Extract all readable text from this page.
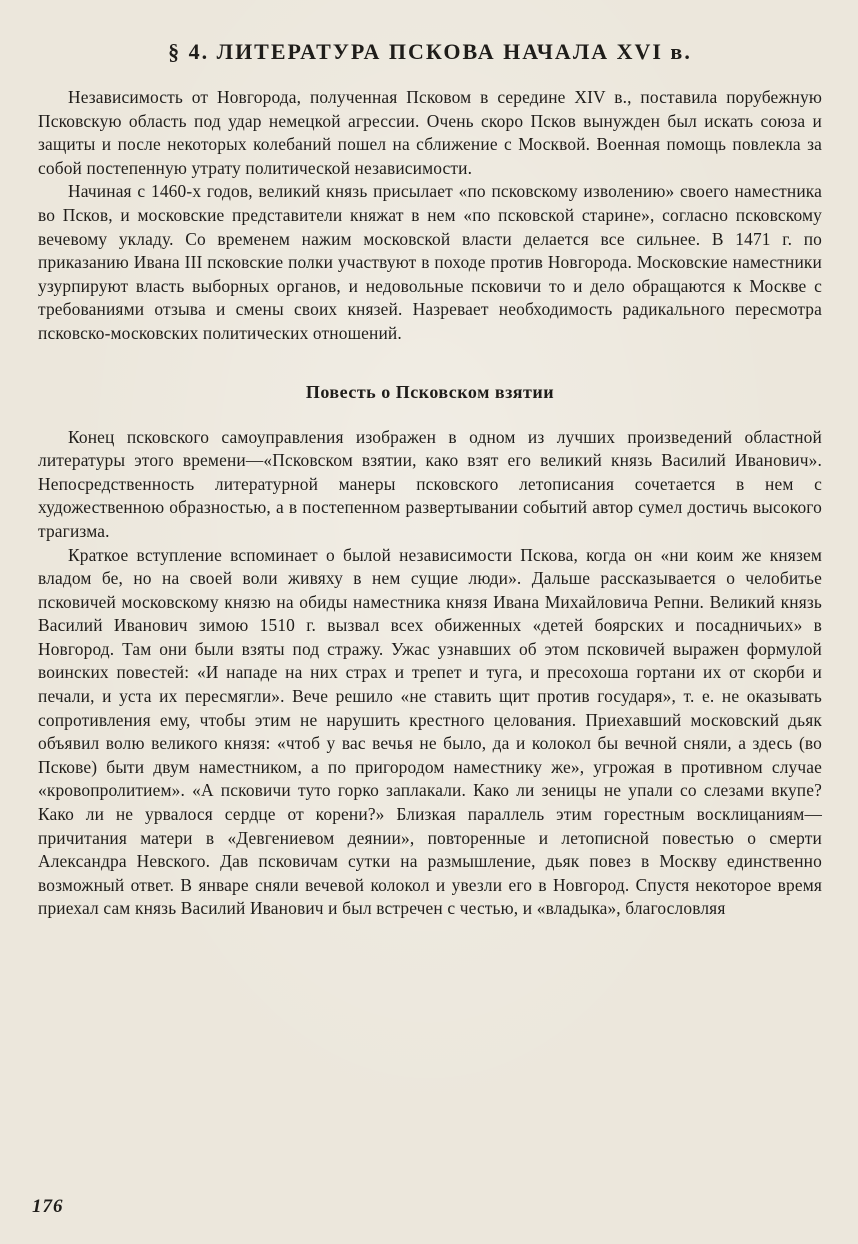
§ 4. ЛИТЕРАТУРА ПСКОВА НАЧАЛА XVI в.

Независимость от Новгорода, полученная Псковом в середине XIV в., поставила порубежную Псковскую область под удар немецкой агрессии. Очень скоро Псков вынужден был искать союза и защиты и после некоторых колебаний пошел на сближение с Москвой. Военная помощь повлекла за собой постепенную утрату политической независимости.

Начиная с 1460-х годов, великий князь присылает «по псковскому изволению» своего наместника во Псков, и московские представители княжат в нем «по псковской старине», согласно псковскому вечевому укладу. Со временем нажим московской власти делается все сильнее. В 1471 г. по приказанию Ивана III псковские полки участвуют в походе против Новгорода. Московские наместники узурпируют власть выборных органов, и недовольные псковичи то и дело обращаются к Москве с требованиями отзыва и смены своих князей. Назревает необходимость радикального пересмотра псковско-московских политических отношений.

Повесть о Псковском взятии

Конец псковского самоуправления изображен в одном из лучших произведений областной литературы этого времени—«Псковском взятии, како взят его великий князь Василий Иванович». Непосредственность литературной манеры псковского летописания сочетается в нем с художественною образностью, а в постепенном развертывании событий автор сумел достичь высокого трагизма.

Краткое вступление вспоминает о былой независимости Пскова, когда он «ни коим же князем владом бе, но на своей воли живяху в нем сущие люди». Дальше рассказывается о челобитье псковичей московскому князю на обиды наместника князя Ивана Михайловича Репни. Великий князь Василий Иванович зимою 1510 г. вызвал всех обиженных «детей боярских и посадничьих» в Новгород. Там они были взяты под стражу. Ужас узнавших об этом псковичей выражен формулой воинских повестей: «И нападе на них страх и трепет и туга, и пресохоша гортани их от скорби и печали, и уста их пересмягли». Вече решило «не ставить щит против государя», т. е. не оказывать сопротивления ему, чтобы этим не нарушить крестного целования. Приехавший московский дьяк объявил волю великого князя: «чтоб у вас вечья не было, да и колокол бы вечной сняли, а здесь (во Пскове) быти двум наместником, а по пригородом наместнику же», угрожая в противном случае «кровопролитием». «А псковичи туто горко заплакали. Како ли зеницы не упали со слезами вкупе? Како ли не урвалося сердце от корени?» Близкая параллель этим горестным восклицаниям—причитания матери в «Девгениевом деянии», повторенные и летописной повестью о смерти Александра Невского. Дав псковичам сутки на размышление, дьяк повез в Москву единственно возможный ответ. В январе сняли вечевой колокол и увезли его в Новгород. Спустя некоторое время приехал сам князь Василий Иванович и был встречен с честью, и «владыка», благословляя

176
